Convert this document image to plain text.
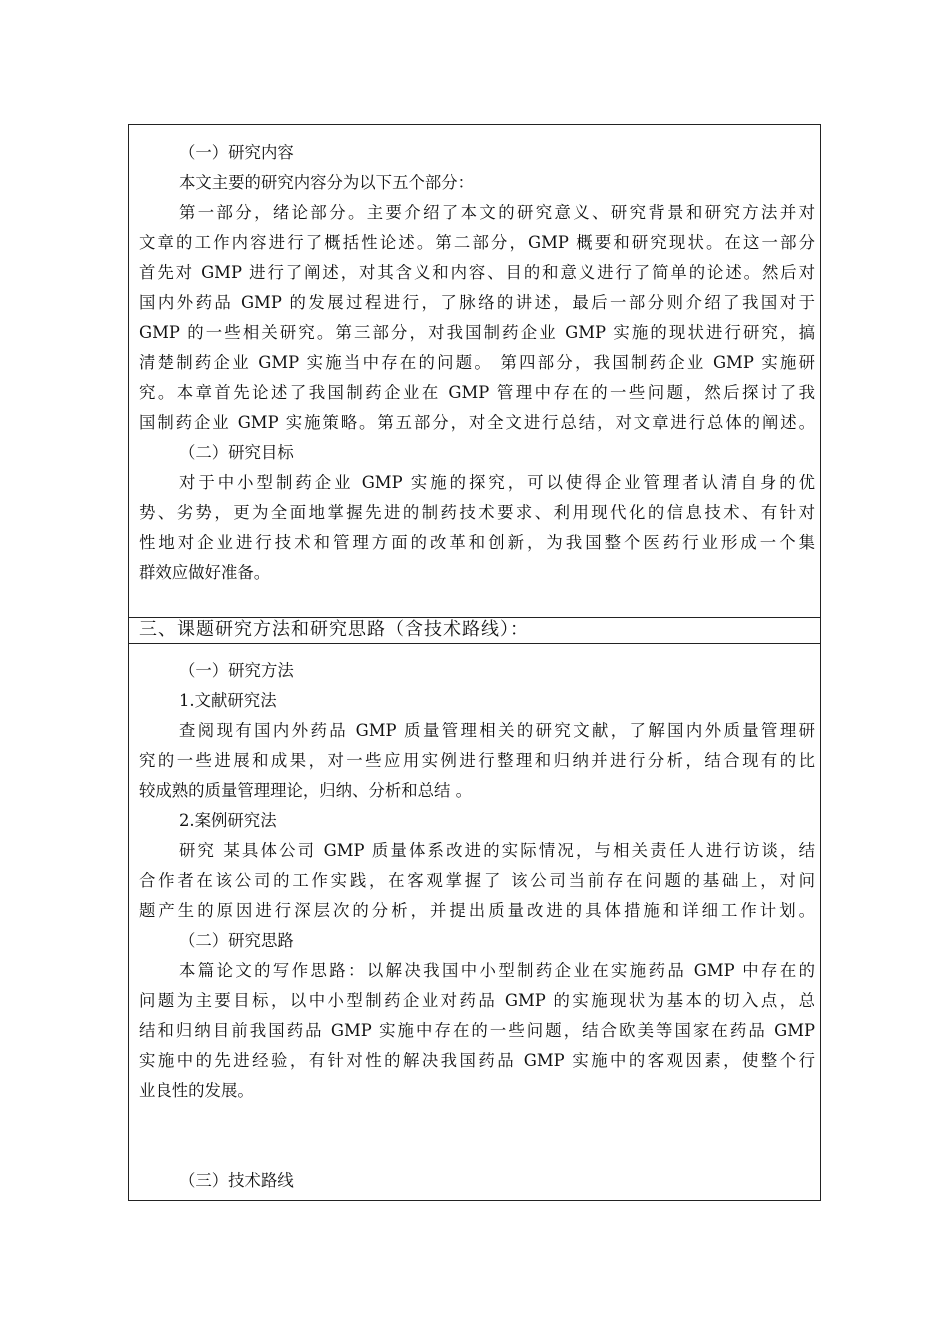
（一）研究内容
本文主要的研究内容分为以下五个部分：
第一部分，绪论部分。主要介绍了本文的研究意义、研究背景和研究方法并对
文章的工作内容进行了概括性论述。第二部分，GMP 概要和研究现状。在这一部分
首先对 GMP 进行了阐述，对其含义和内容、目的和意义进行了简单的论述。然后对
国内外药品 GMP 的发展过程进行，了脉络的讲述，最后一部分则介绍了我国对于
GMP 的一些相关研究。第三部分，对我国制药企业 GMP 实施的现状进行研究，搞
清楚制药企业 GMP 实施当中存在的问题。 第四部分，我国制药企业 GMP 实施研
究。本章首先论述了我国制药企业在 GMP 管理中存在的一些问题，然后探讨了我
国制药企业 GMP 实施策略。第五部分，对全文进行总结，对文章进行总体的阐述。
（二）研究目标
对于中小型制药企业 GMP 实施的探究，可以使得企业管理者认清自身的优
势、劣势，更为全面地掌握先进的制药技术要求、利用现代化的信息技术、有针对
性地对企业进行技术和管理方面的改革和创新，为我国整个医药行业形成一个集
群效应做好准备。
三、课题研究方法和研究思路（含技术路线）：
（一）研究方法
1.文献研究法
查阅现有国内外药品 GMP 质量管理相关的研究文献，了解国内外质量管理研
究的一些进展和成果，对一些应用实例进行整理和归纳并进行分析，结合现有的比
较成熟的质量管理理论，归纳、分析和总结 。
2.案例研究法
研究 某具体公司 GMP 质量体系改进的实际情况，与相关责任人进行访谈，结
合作者在该公司的工作实践，在客观掌握了 该公司当前存在问题的基础上，对问
题产生的原因进行深层次的分析，并提出质量改进的具体措施和详细工作计划。
（二）研究思路
本篇论文的写作思路：以解决我国中小型制药企业在实施药品 GMP 中存在的
问题为主要目标，以中小型制药企业对药品 GMP 的实施现状为基本的切入点，总
结和归纳目前我国药品 GMP 实施中存在的一些问题，结合欧美等国家在药品 GMP
实施中的先进经验，有针对性的解决我国药品 GMP 实施中的客观因素，使整个行
业良性的发展。
（三）技术路线
